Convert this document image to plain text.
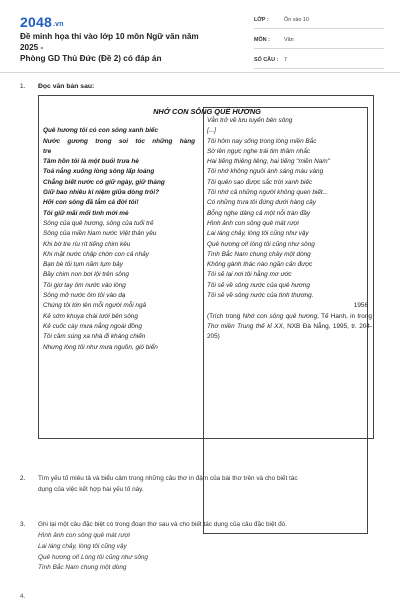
2048.vn
Đề minh họa thi vào lớp 10 môn Ngữ văn năm 2025 -
Phòng GD Thủ Đức (Đề 2) có đáp án
LỚP :	Ôn vào 10
MÔN :	Văn
SỐ CÂU : 7
1. Đọc văn bản sau:
NHỚ CON SÔNG QUÊ HƯƠNG
Quê hương tôi có con sông xanh biếc
Nước gương trong soi tóc những hàng
tre
Tâm hồn tôi là một buổi trưa hè
Toả nắng xuống lòng sông lấp loáng
Chẳng biết nước có giữ ngày, giữ tháng
Giữ bao nhiêu kỉ niệm giữa dòng trôi?
Hỡi con sông đã tắm cả đời tôi!
Tôi giữ mãi mối tình mới mẻ
Sông của quê hương, sông của tuổi trẻ
Sông của miền Nam nước Việt thân yêu
Khi bờ tre ríu rít tiếng chim kêu
Khi mặt nước chập chờn con cá nhảy
Bạn bè tôi tụm năm tụm bảy
Bầy chim non bơi lội trên sông
Tôi giơ tay ôm nước vào lòng
Sông mở nước ôm tôi vào dạ
Chúng tôi lớn lên mỗi người mỗi ngả
Kẻ sớm khuya chài lưới bên sông
Kẻ cuốc cày mưa nắng ngoài đồng
Tôi cầm súng xa nhà đi kháng chiến
Nhưng lòng tôi như mưa nguồn, gió biển
Vẫn trở về lưu luyến bên sông
[...]
Tôi hôm nay sống trong lòng miền Bắc
Sờ lên ngực nghe trái tim thầm nhắc
Hai tiếng thiêng liêng, hai tiếng "miền Nam"
Tôi nhớ không nguôi ánh sáng màu vàng
Tôi quên sao được sắc trời xanh biếc
Tôi nhớ cả những người không quen biết...
Có những trưa tôi đứng dưới hàng cây
Bỗng nghe dâng cả một nỗi tràn đầy
Hình ảnh con sông quê mát rượi
Lai láng chảy, lòng tôi cũng như vậy
Quê hương ơi! lòng tôi cũng như sông
Tình Bắc Nam chung chảy một dòng
Không gành thác nào ngăn cản được
Tôi sẽ lại nơi tôi hằng mơ ước
Tôi sẽ về sông nước của quê hương
Tôi sẽ về sông nước của tình thương.
1956
(Trích trong Nhớ con sông quê hương, Tế Hanh, in trong Thơ miền Trung thế kỉ XX, NXB Đà Nẵng, 1995, tr. 204-205)
2. Tìm yếu tố miêu tả và biểu cảm trong những câu thơ in đậm của bài thơ trên và cho biết tác
dụng của việc kết hợp hai yếu tố này.
3. Ghi lại một câu đặc biệt có trong đoạn thơ sau và cho biết tác dụng của câu đặc biệt đó.
Hình ảnh con sông quê mát rượi
Lai láng chảy, lòng tôi cũng vậy
Quê hương ơi! Lòng tôi cũng như sông
Tình Bắc Nam chung một dòng
4.
